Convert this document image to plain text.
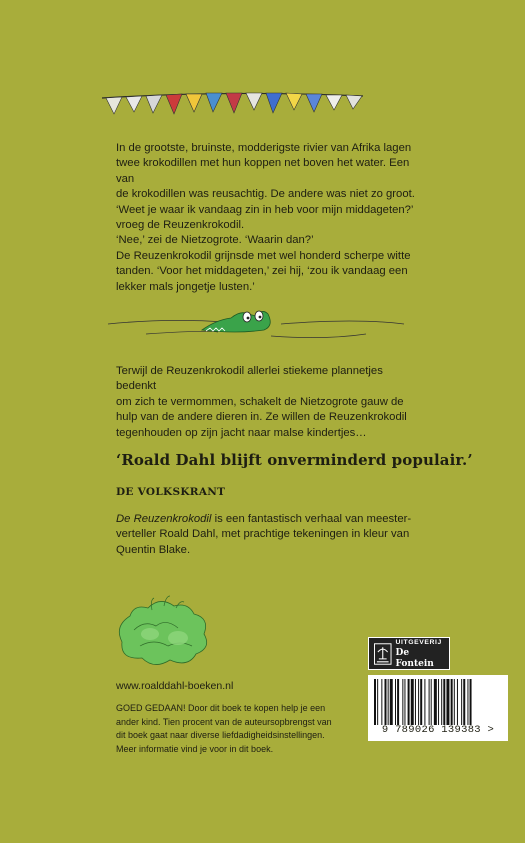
In de grootste, bruinste, modderigste rivier van Afrika lagen
twee krokodillen met hun koppen net boven het water. Een van
de krokodillen was reusachtig. De andere was niet zo groot.
‘Weet je waar ik vandaag zin in heb voor mijn middageten?’
vroeg de Reuzenkrokodil.
‘Nee,’ zei de Nietzogrote. ‘Waarin dan?’
De Reuzenkrokodil grijnsde met wel honderd scherpe witte
tanden. ‘Voor het middageten,’ zei hij, ‘zou ik vandaag een
lekker mals jongetje lusten.’

Terwijl de Reuzenkrokodil allerlei stiekeme plannetjes bedenkt
om zich te vermommen, schakelt de Nietzogrote gauw de
hulp van de andere dieren in. Ze willen de Reuzenkrokodil
tegenhouden op zijn jacht naar malse kindertjes…

‘Roald Dahl blijft onverminderd populair.’
DE VOLKSKRANT

De Reuzenkrokodil is een fantastisch verhaal van meester-
verteller Roald Dahl, met prachtige tekeningen in kleur van
Quentin Blake.

www.roalddahl-boeken.nl

GOED GEDAAN! Door dit boek te kopen help je een
ander kind. Tien procent van de auteursopbrengst van
dit boek gaat naar diverse liefdadigheidsinstellingen.
Meer informatie vind je voor in dit boek.

UITGEVERIJ
De Fontein
9 789026 139383 >
